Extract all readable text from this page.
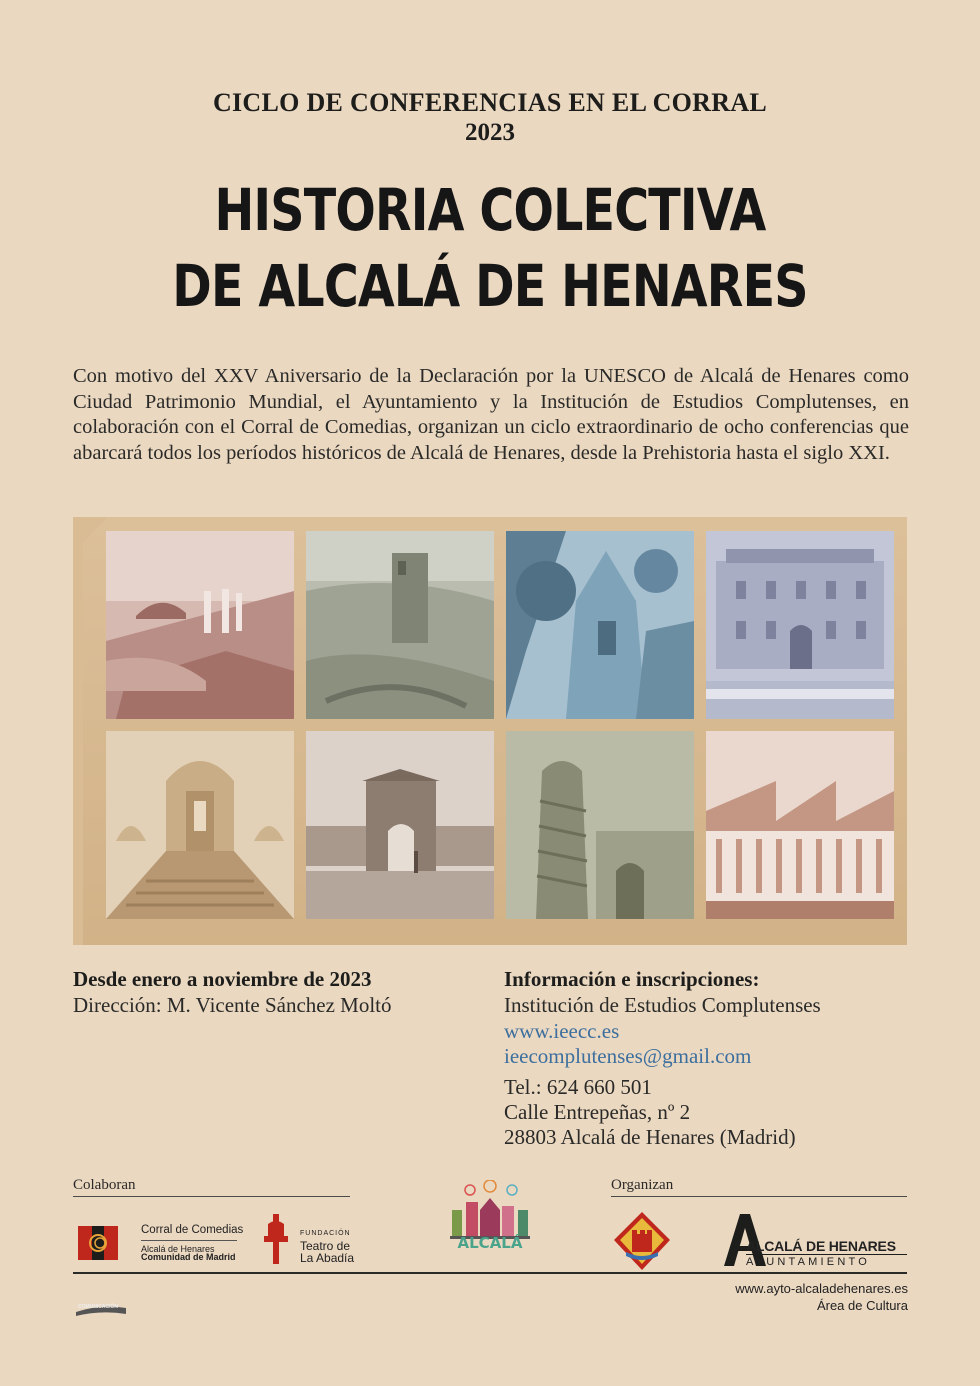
CICLO DE CONFERENCIAS EN EL CORRAL
2023
HISTORIA COLECTIVA
DE ALCALÁ DE HENARES
Con motivo del XXV Aniversario de la Declaración por la UNESCO de Alcalá de Henares como Ciudad Patrimonio Mundial, el Ayuntamiento y la Institución de Estudios Complutenses, en colaboración con el Corral de Comedias, organizan un ciclo extraordinario de ocho conferencias que abarcará todos los períodos históricos de Alcalá de Henares, desde la Prehistoria hasta el siglo XXI.
Desde enero a noviembre de 2023
Dirección: M. Vicente Sánchez Moltó
Información e inscripciones:
Institución de Estudios Complutenses
www.ieecc.es
ieecomplutenses@gmail.com
Tel.: 624 660 501
Calle Entrepeñas, nº 2
28803 Alcalá de Henares (Madrid)
Colaboran	Organizan
Corral de Comedias
Alcalá de Henares
Comunidad de Madrid
FUNDACIÓN
Teatro de
La Abadía
ALCALÁ	ALCALÁ DE HENARES
AYUNTAMIENTO
www.ayto-alcaladehenares.es
Área de Cultura
COMUNICACIÓN
